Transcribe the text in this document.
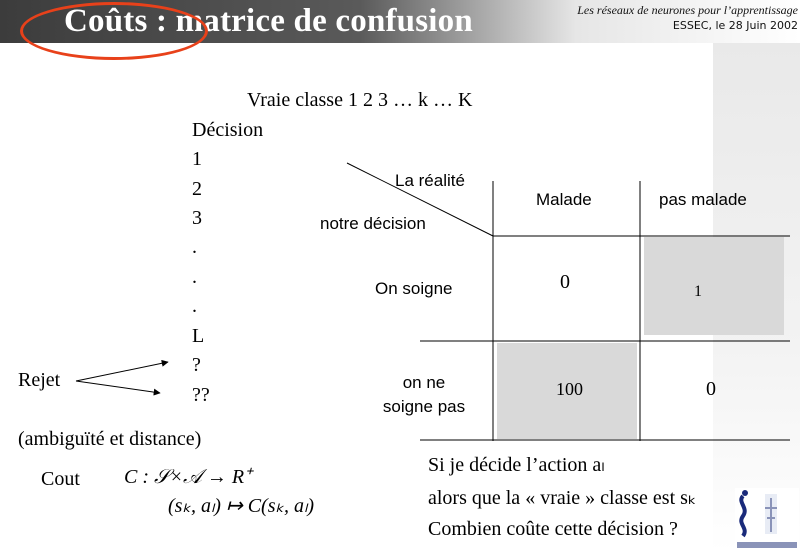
Coûts : matrice de confusion	Les réseaux de neurones pour l’apprentissage
ESSEC, le 28 Juin 2002
Vraie classe 1 2 3 … k … K
Décision
1
2
3
.
.
.
L
?
??
Rejet
(ambiguïté et distance)
Cout C : 𝒮×𝒜 → R⁺
(sₖ, aₗ) ↦ C(sₖ, aₗ)
La réalité
notre décision
Malade	pas malade
On soigne
on ne
soigne pas
0	1
100	0
Si je décide l’action aₗ
alors que la « vraie » classe est sₖ
Combien coûte cette décision ?
